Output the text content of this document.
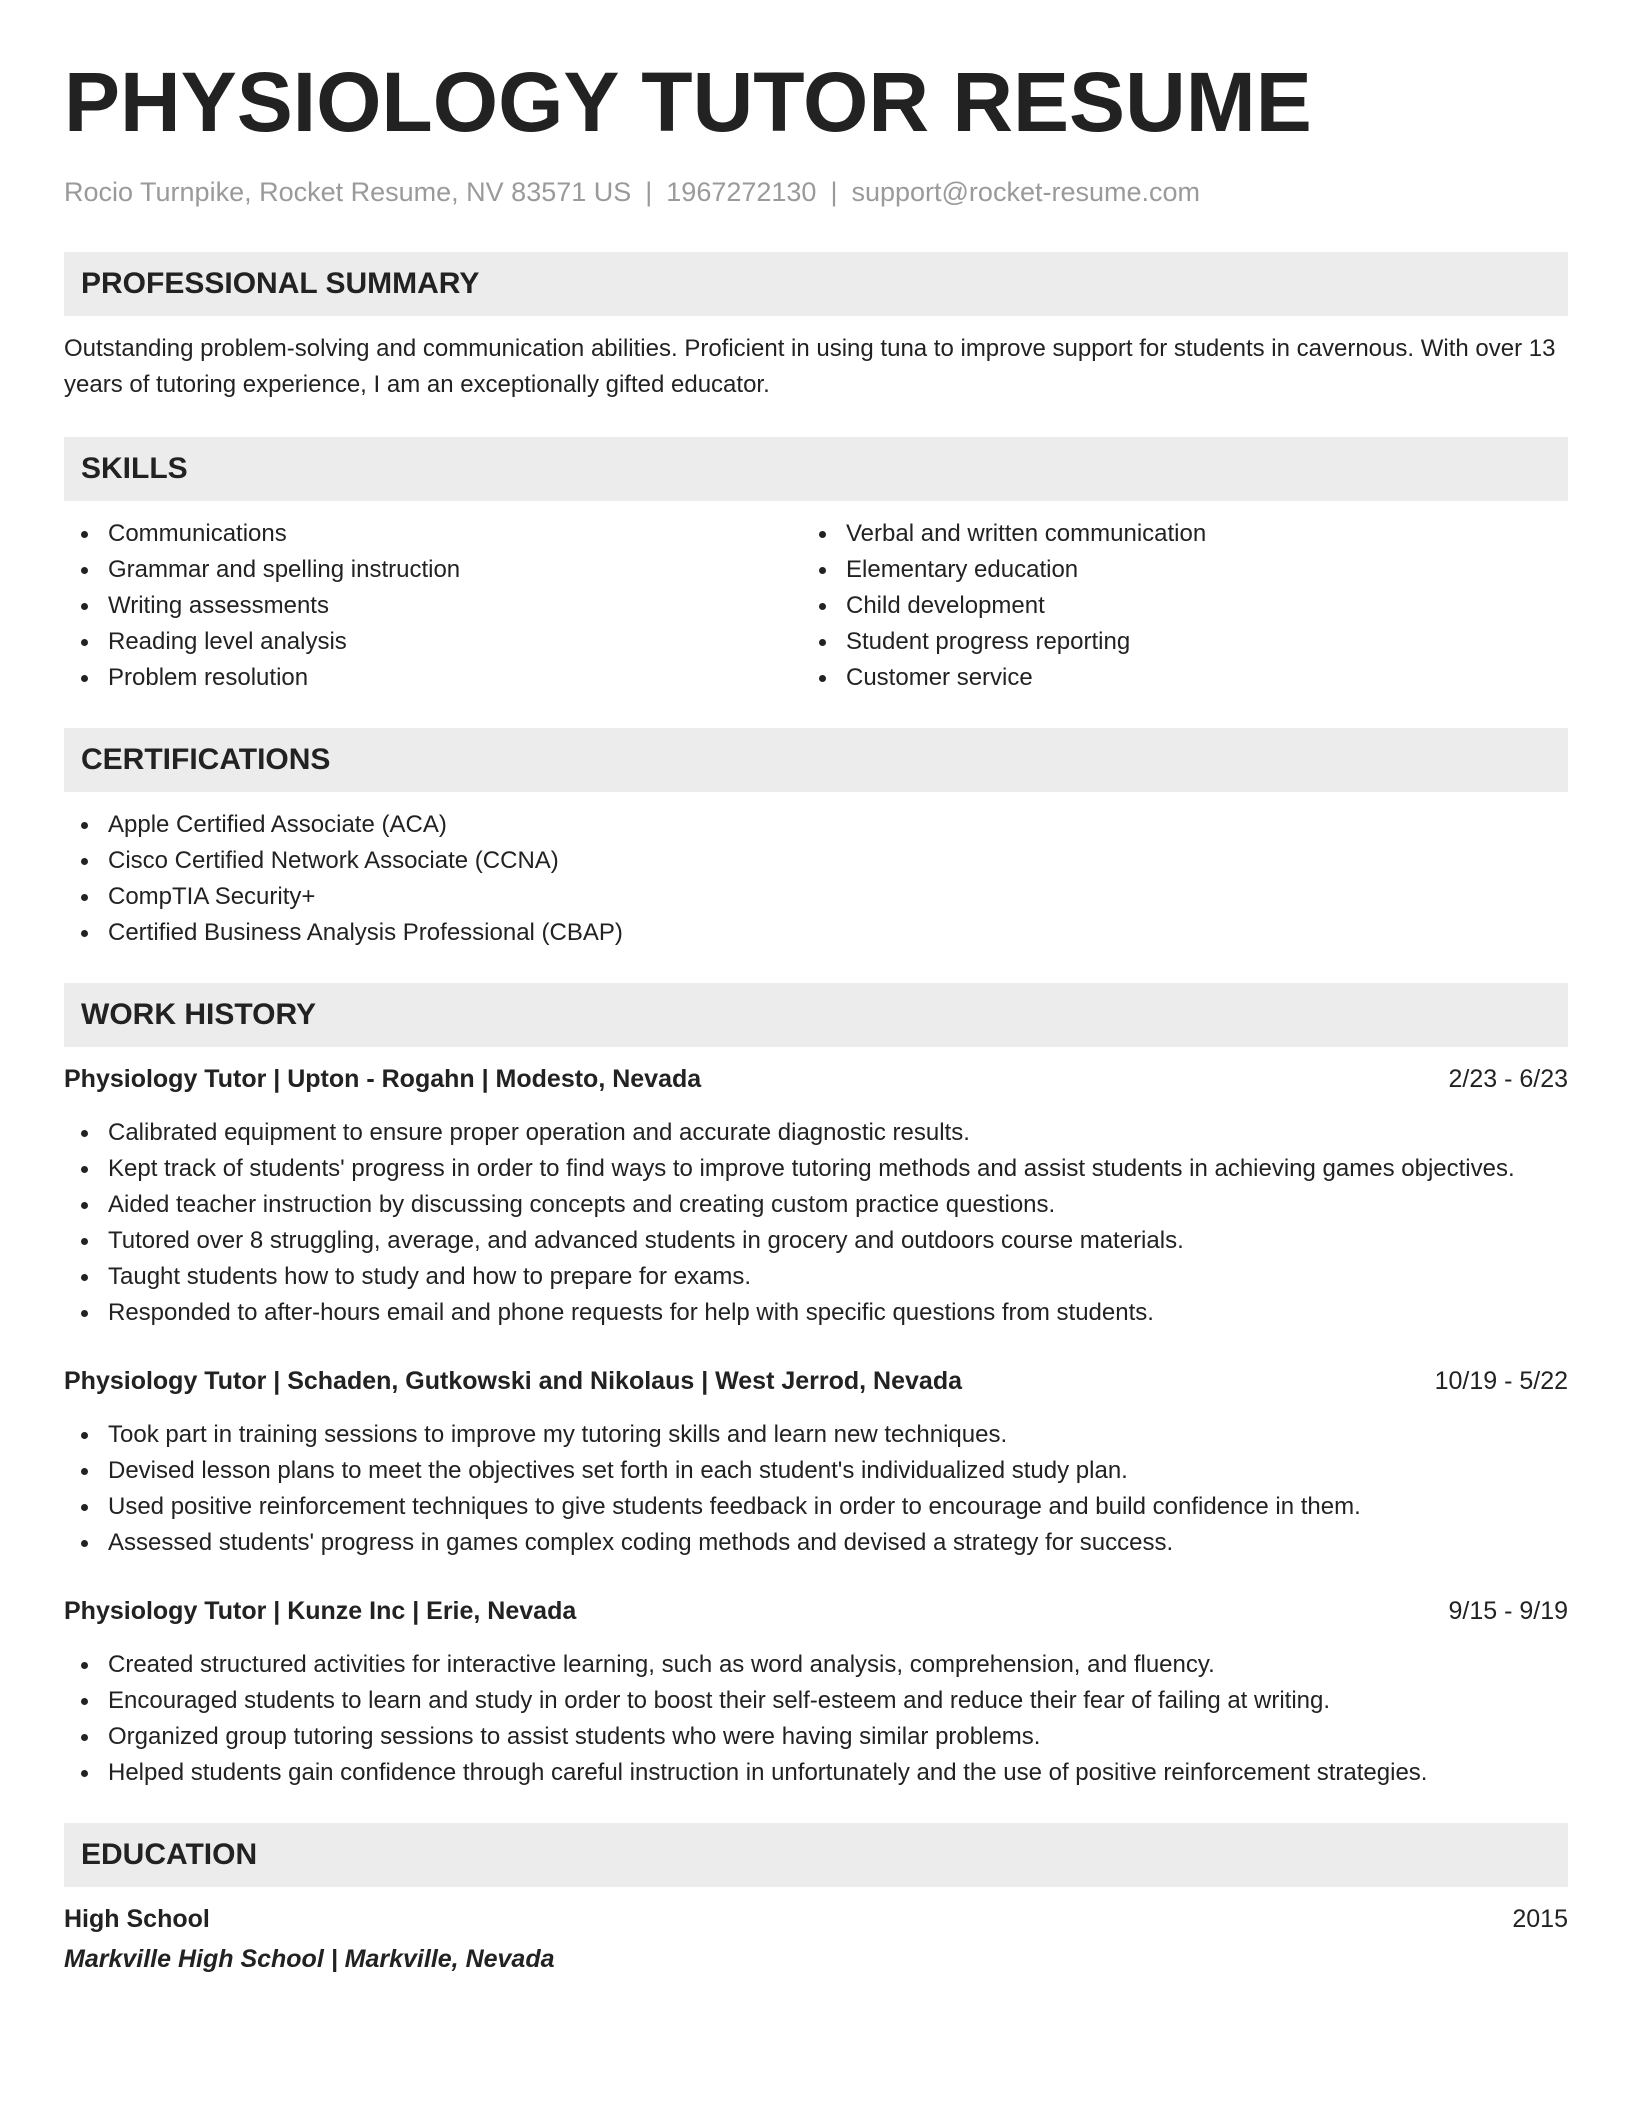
PHYSIOLOGY TUTOR RESUME
Rocio Turnpike, Rocket Resume, NV 83571 US | 1967272130 | support@rocket-resume.com
PROFESSIONAL SUMMARY

Outstanding problem-solving and communication abilities. Proficient in using tuna to improve support for students in cavernous. With over 13 years of tutoring experience, I am an exceptionally gifted educator.

SKILLS
Communications
Grammar and spelling instruction
Writing assessments
Reading level analysis
Problem resolution
Verbal and written communication
Elementary education
Child development
Student progress reporting
Customer service
CERTIFICATIONS
Apple Certified Associate (ACA)
Cisco Certified Network Associate (CCNA)
CompTIA Security+
Certified Business Analysis Professional (CBAP)
WORK HISTORY
Physiology Tutor | Upton - Rogahn | Modesto, Nevada	2/23 - 6/23
Calibrated equipment to ensure proper operation and accurate diagnostic results.
Kept track of students' progress in order to find ways to improve tutoring methods and assist students in achieving games objectives.
Aided teacher instruction by discussing concepts and creating custom practice questions.
Tutored over 8 struggling, average, and advanced students in grocery and outdoors course materials.
Taught students how to study and how to prepare for exams.
Responded to after-hours email and phone requests for help with specific questions from students.
Physiology Tutor | Schaden, Gutkowski and Nikolaus | West Jerrod, Nevada	10/19 - 5/22
Took part in training sessions to improve my tutoring skills and learn new techniques.
Devised lesson plans to meet the objectives set forth in each student's individualized study plan.
Used positive reinforcement techniques to give students feedback in order to encourage and build confidence in them.
Assessed students' progress in games complex coding methods and devised a strategy for success.
Physiology Tutor | Kunze Inc | Erie, Nevada	9/15 - 9/19
Created structured activities for interactive learning, such as word analysis, comprehension, and fluency.
Encouraged students to learn and study in order to boost their self-esteem and reduce their fear of failing at writing.
Organized group tutoring sessions to assist students who were having similar problems.
Helped students gain confidence through careful instruction in unfortunately and the use of positive reinforcement strategies.
EDUCATION
High School	2015
Markville High School | Markville, Nevada
